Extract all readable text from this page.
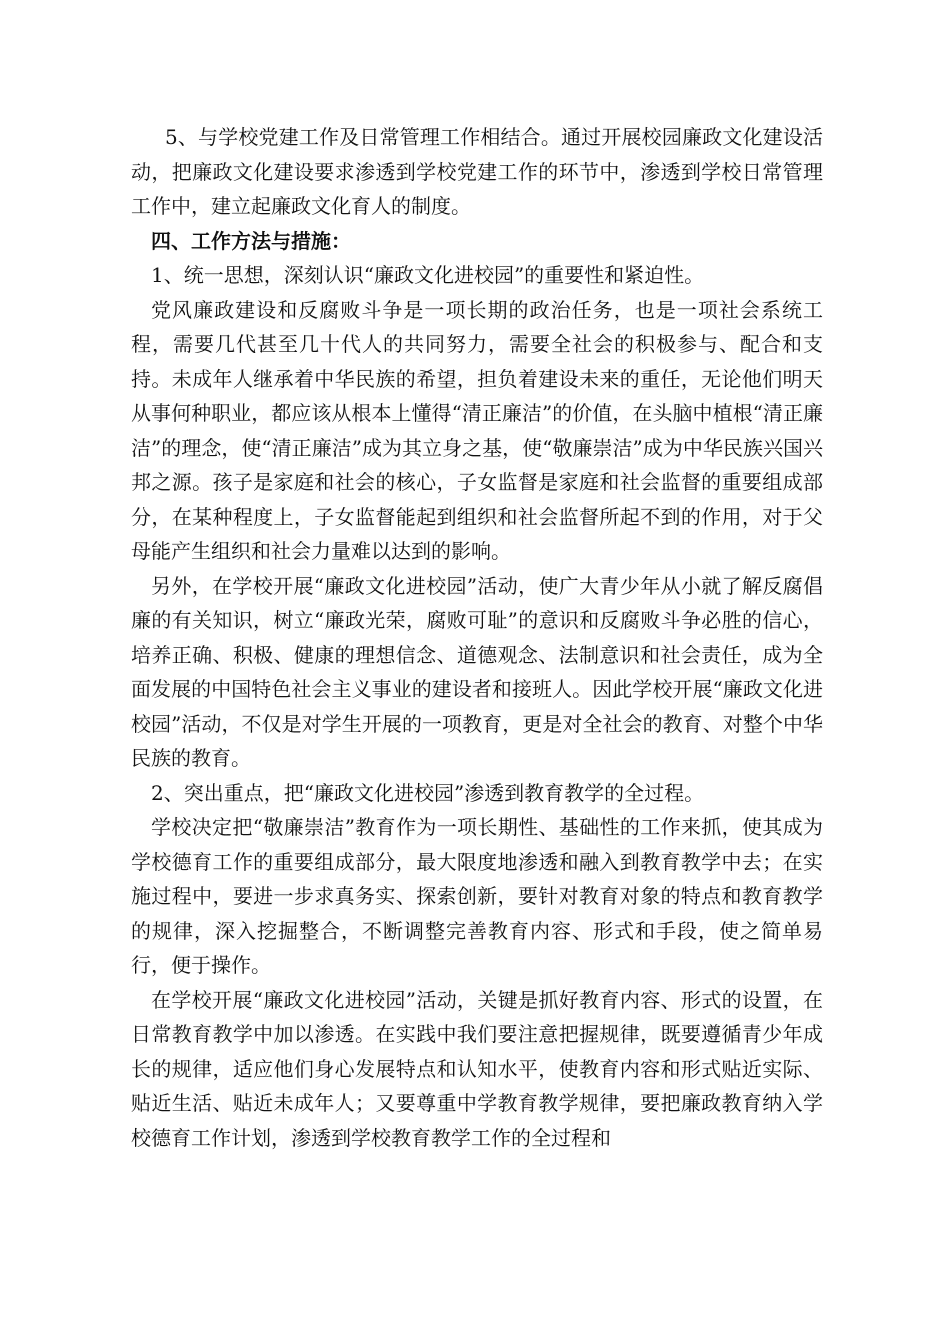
5、与学校党建工作及日常管理工作相结合。通过开展校园廉政文化建设活动，把廉政文化建设要求渗透到学校党建工作的环节中，渗透到学校日常管理工作中，建立起廉政文化育人的制度。

四、工作方法与措施：

1、统一思想，深刻认识“廉政文化进校园”的重要性和紧迫性。

党风廉政建设和反腐败斗争是一项长期的政治任务，也是一项社会系统工程，需要几代甚至几十代人的共同努力，需要全社会的积极参与、配合和支持。未成年人继承着中华民族的希望，担负着建设未来的重任，无论他们明天从事何种职业，都应该从根本上懂得“清正廉洁”的价值，在头脑中植根“清正廉洁”的理念，使“清正廉洁”成为其立身之基，使“敬廉崇洁”成为中华民族兴国兴邦之源。孩子是家庭和社会的核心，子女监督是家庭和社会监督的重要组成部分，在某种程度上，子女监督能起到组织和社会监督所起不到的作用，对于父母能产生组织和社会力量难以达到的影响。

另外，在学校开展“廉政文化进校园”活动，使广大青少年从小就了解反腐倡廉的有关知识，树立“廉政光荣，腐败可耻”的意识和反腐败斗争必胜的信心，培养正确、积极、健康的理想信念、道德观念、法制意识和社会责任，成为全面发展的中国特色社会主义事业的建设者和接班人。因此学校开展“廉政文化进校园”活动，不仅是对学生开展的一项教育，更是对全社会的教育、对整个中华民族的教育。

2、突出重点，把“廉政文化进校园”渗透到教育教学的全过程。

学校决定把“敬廉崇洁”教育作为一项长期性、基础性的工作来抓，使其成为学校德育工作的重要组成部分，最大限度地渗透和融入到教育教学中去；在实施过程中，要进一步求真务实、探索创新，要针对教育对象的特点和教育教学的规律，深入挖掘整合，不断调整完善教育内容、形式和手段，使之简单易行，便于操作。

在学校开展“廉政文化进校园”活动，关键是抓好教育内容、形式的设置，在日常教育教学中加以渗透。在实践中我们要注意把握规律，既要遵循青少年成长的规律，适应他们身心发展特点和认知水平，使教育内容和形式贴近实际、贴近生活、贴近未成年人；又要尊重中学教育教学规律，要把廉政教育纳入学校德育工作计划，渗透到学校教育教学工作的全过程和
